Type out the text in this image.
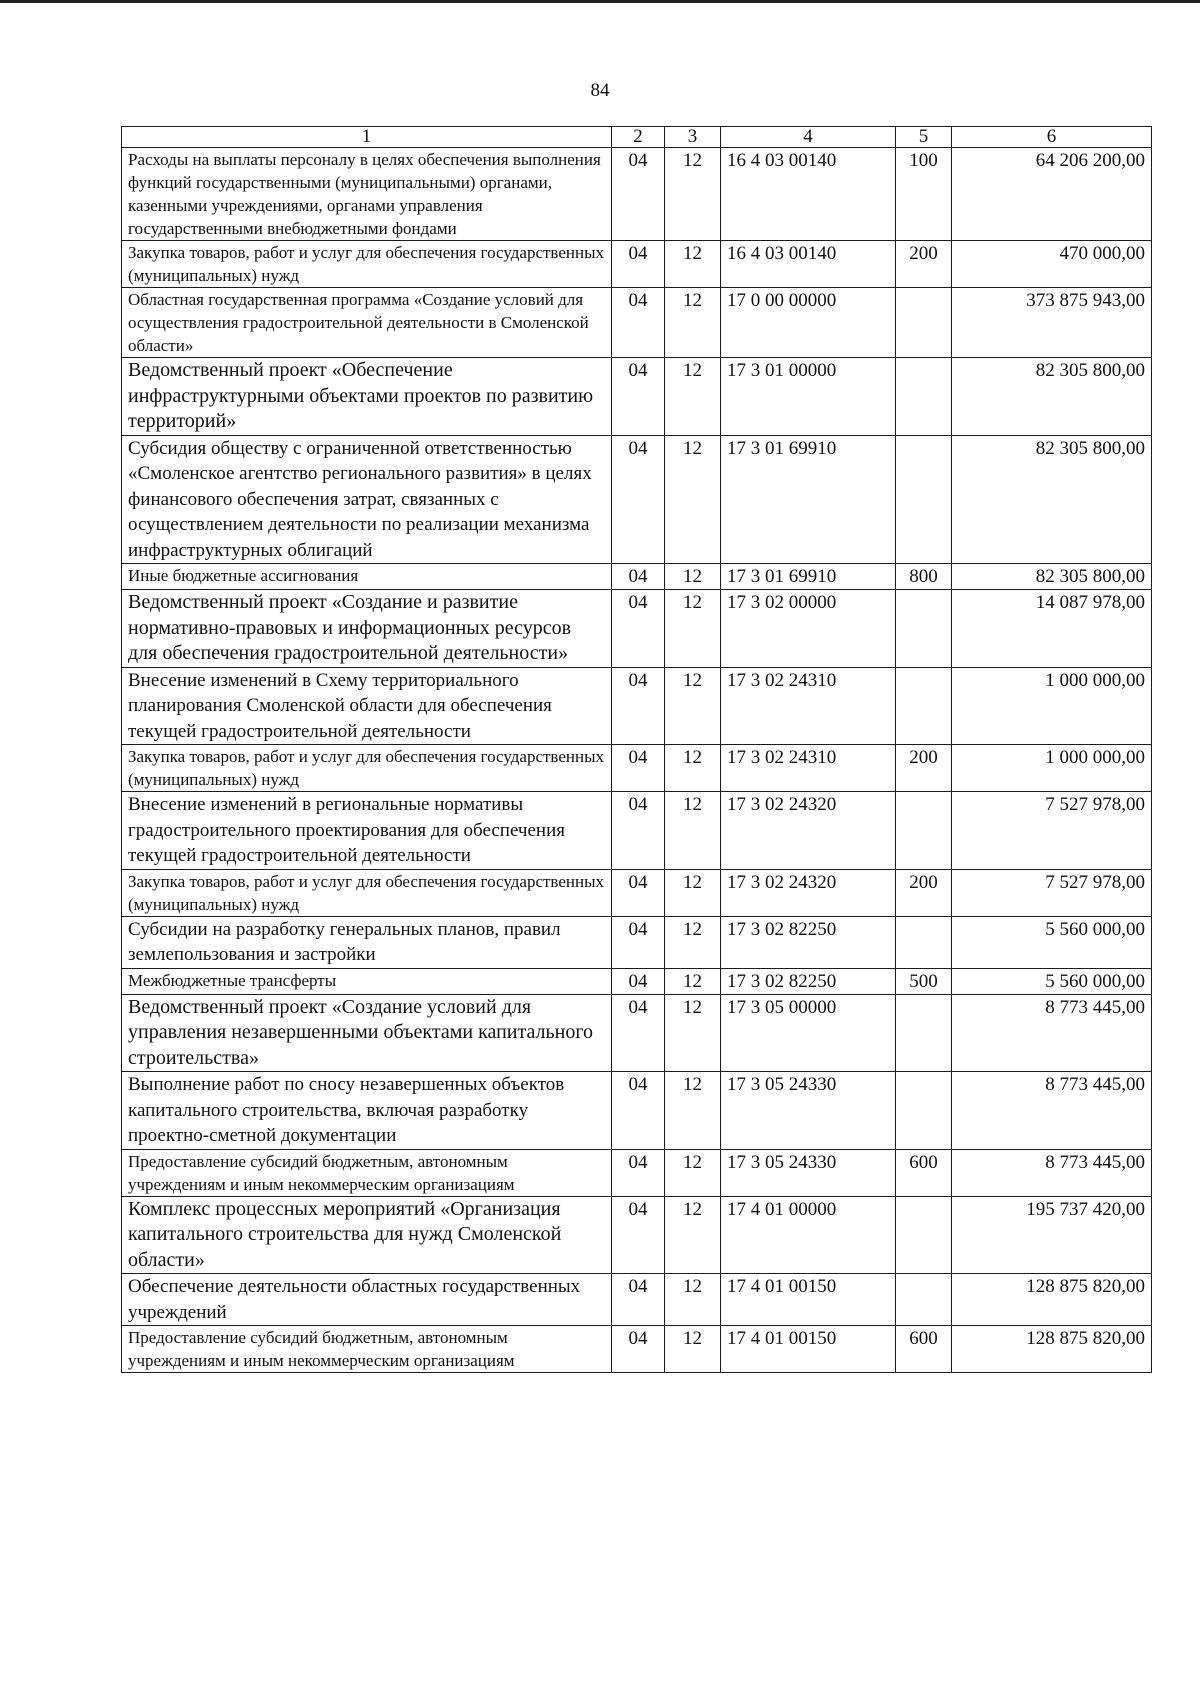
84
1	2	3	4	5	6
Расходы на выплаты персоналу в целях обеспечения выполнения функций государственными (муниципальными) органами, казенными учреждениями, органами управления государственными внебюджетными фондами	04	12	16 4 03 00140	100	64 206 200,00
Закупка товаров, работ и услуг для обеспечения государственных (муниципальных) нужд	04	12	16 4 03 00140	200	470 000,00
Областная государственная программа «Создание условий для осуществления градостроительной деятельности в Смоленской области»	04	12	17 0 00 00000		373 875 943,00
Ведомственный проект «Обеспечение инфраструктурными объектами проектов по развитию территорий»	04	12	17 3 01 00000		82 305 800,00
Субсидия обществу с ограниченной ответственностью «Смоленское агентство регионального развития» в целях финансового обеспечения затрат, связанных с осуществлением деятельности по реализации механизма инфраструктурных облигаций	04	12	17 3 01 69910		82 305 800,00
Иные бюджетные ассигнования	04	12	17 3 01 69910	800	82 305 800,00
Ведомственный проект «Создание и развитие нормативно-правовых и информационных ресурсов для обеспечения градостроительной деятельности»	04	12	17 3 02 00000		14 087 978,00
Внесение изменений в Схему территориального планирования Смоленской области для обеспечения текущей градостроительной деятельности	04	12	17 3 02 24310		1 000 000,00
Закупка товаров, работ и услуг для обеспечения государственных (муниципальных) нужд	04	12	17 3 02 24310	200	1 000 000,00
Внесение изменений в региональные нормативы градостроительного проектирования для обеспечения текущей градостроительной деятельности	04	12	17 3 02 24320		7 527 978,00
Закупка товаров, работ и услуг для обеспечения государственных (муниципальных) нужд	04	12	17 3 02 24320	200	7 527 978,00
Субсидии на разработку генеральных планов, правил землепользования и застройки	04	12	17 3 02 82250		5 560 000,00
Межбюджетные трансферты	04	12	17 3 02 82250	500	5 560 000,00
Ведомственный проект «Создание условий для управления незавершенными объектами капитального строительства»	04	12	17 3 05 00000		8 773 445,00
Выполнение работ по сносу незавершенных объектов капитального строительства, включая разработку проектно-сметной документации	04	12	17 3 05 24330		8 773 445,00
Предоставление субсидий бюджетным, автономным учреждениям и иным некоммерческим организациям	04	12	17 3 05 24330	600	8 773 445,00
Комплекс процессных мероприятий «Организация капитального строительства для нужд Смоленской области»	04	12	17 4 01 00000		195 737 420,00
Обеспечение деятельности областных государственных учреждений	04	12	17 4 01 00150		128 875 820,00
Предоставление субсидий бюджетным, автономным учреждениям и иным некоммерческим организациям	04	12	17 4 01 00150	600	128 875 820,00
